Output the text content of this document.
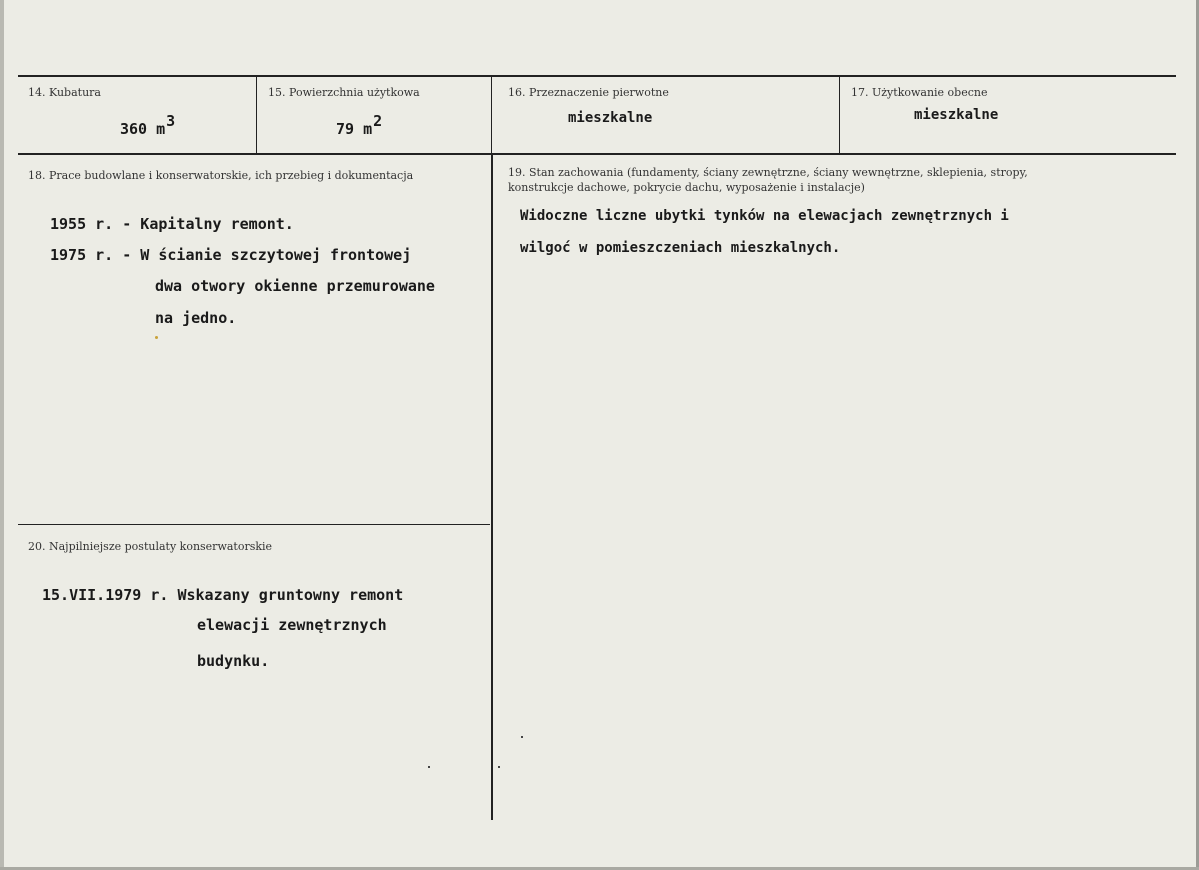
14. Kubatura
360 $m^3$
15. Powierzchnia użytkowa
79 $m^2$
16. Przeznaczenie pierwotne
mieszkalne
17. Użytkowanie obecne
mieszkalne
18. Prace budowlane i konserwatorskie, ich przebieg i dokumentacja
1955 r. - Kapitalny remont.
1975 r. - W ścianie szczytowej frontowej
dwa otwory okienne przemurowane
na jedno.
19. Stan zachowania (fundamenty, ściany zewnętrzne, ściany wewnętrzne, sklepienia, stropy,
konstrukcje dachowe, pokrycie dachu, wyposażenie i instalacje)
Widoczne liczne ubytki tynków na elewacjach zewnętrznych i
wilgoć w pomieszczeniach mieszkalnych.
20. Najpilniejsze postulaty konserwatorskie
15.VII.1979 r. Wskazany gruntowny remont
elewacji zewnętrznych
budynku.
